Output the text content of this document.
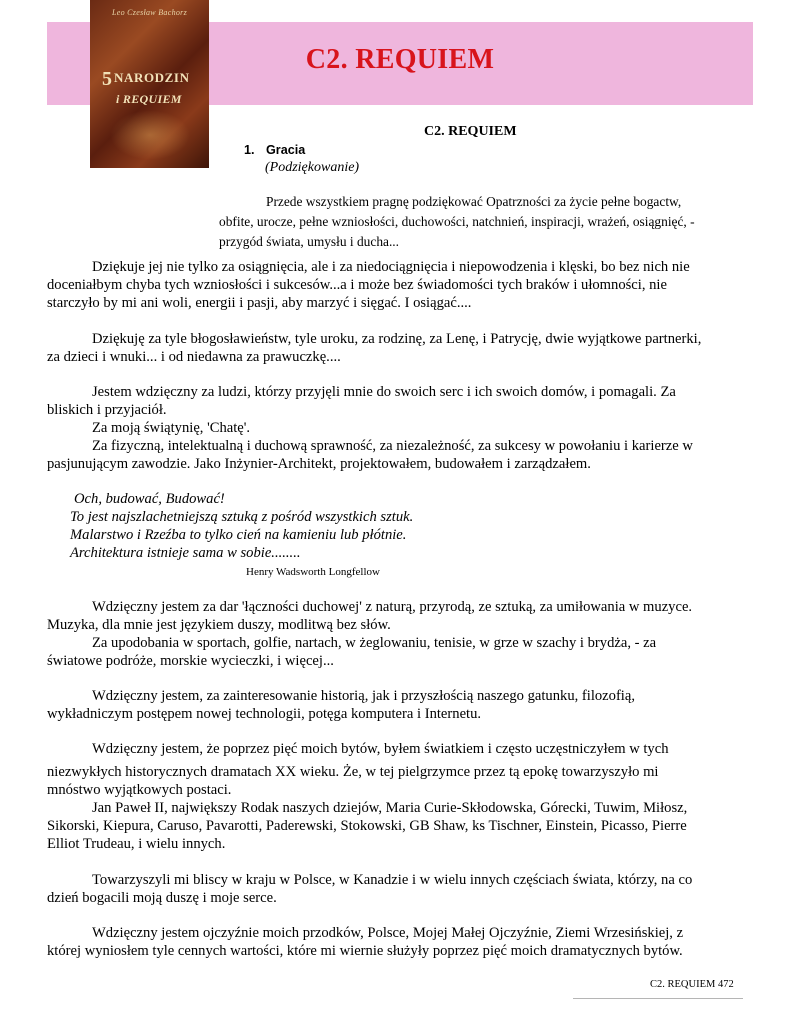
C2. REQUIEM
Leo Czesław Bachorz
5 NARODZIN
i REQUIEM
C2. REQUIEM
1. Gracia
(Podziękowanie)
Przede wszystkiem pragnę podziękować Opatrzności za życie pełne bogactw,
obfite, urocze, pełne wzniosłości, duchowości, natchnień, inspiracji, wrażeń, osiągnięć, -
przygód świata, umysłu i ducha...
Dziękuje jej nie tylko za osiągnięcia, ale i za niedociągnięcia i niepowodzenia i klęski, bo bez nich nie
doceniałbym chyba tych wzniosłości i sukcesów...a i może bez świadomości tych braków i ułomności, nie
starczyło by mi ani woli, energii i pasji, aby marzyć i sięgać. I osiągać....
Dziękuję za tyle błogosławieństw, tyle uroku, za rodzinę, za Lenę, i Patrycję, dwie wyjątkowe partnerki,
za dzieci i wnuki... i od niedawna za prawuczkę....
Jestem wdzięczny za ludzi, którzy przyjęli mnie do swoich serc i ich swoich domów, i pomagali. Za
bliskich i przyjaciół.
Za moją świątynię, 'Chatę'.
Za fizyczną, intelektualną i duchową sprawność, za niezależność, za sukcesy w powołaniu i karierze w
pasjunującym zawodzie. Jako Inżynier-Architekt, projektowałem, budowałem i zarządzałem.
Och, budować, Budować!
To jest najszlachetniejszą sztuką z pośród wszystkich sztuk.
Malarstwo i Rzeźba to tylko cień na kamieniu lub płótnie.
Architektura istnieje sama w sobie........
Henry Wadsworth Longfellow
Wdzięczny jestem za dar 'łączności duchowej' z naturą, przyrodą, ze sztuką, za umiłowania w muzyce.
Muzyka, dla mnie jest językiem duszy, modlitwą bez słów.
Za upodobania w sportach, golfie, nartach, w żeglowaniu, tenisie, w grze w szachy i brydża, - za
światowe podróże, morskie wycieczki, i więcej...
Wdzięczny jestem, za zainteresowanie historią, jak i przyszłością naszego gatunku, filozofią,
wykładniczym postępem nowej technologii, potęga komputera i Internetu.
Wdzięczny jestem, że poprzez pięć moich bytów, byłem światkiem i często uczęstniczyłem w tych
niezwykłych historycznych dramatach XX wieku. Że, w tej pielgrzymce przez tą epokę towarzyszyło mi
mnóstwo wyjątkowych postaci.
Jan Paweł II, największy Rodak naszych dziejów, Maria Curie-Skłodowska, Górecki, Tuwim, Miłosz,
Sikorski, Kiepura, Caruso, Pavarotti, Paderewski, Stokowski, GB Shaw, ks Tischner, Einstein, Picasso, Pierre
Elliot Trudeau, i wielu innych.
Towarzyszyli mi bliscy w kraju w Polsce, w Kanadzie i w wielu innych częściach świata, którzy, na co
dzień bogacili moją duszę i moje serce.
Wdzięczny jestem ojczyźnie moich przodków, Polsce, Mojej Małej Ojczyźnie, Ziemi Wrzesińskiej, z
której wyniosłem tyle cennych wartości, które mi wiernie służyły poprzez pięć moich dramatycznych bytów.
C2. REQUIEM 472
